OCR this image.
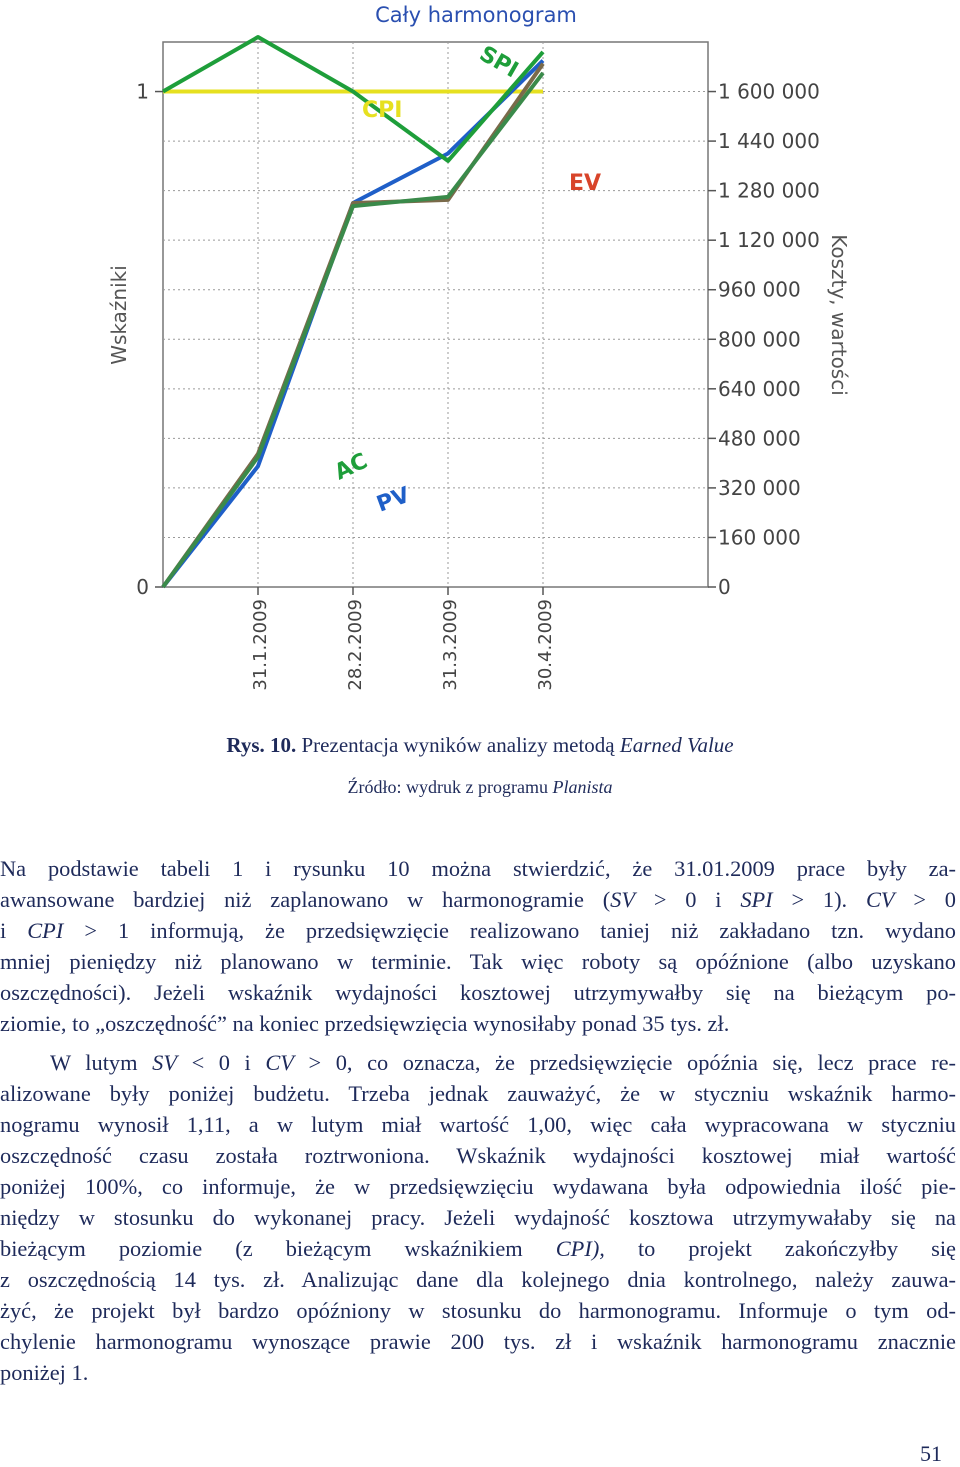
31.1.2009	28.2.2009	31.3.2009	30.4.2009
0
160 000
320 000
480 000
640 000
800 000
960 000
1 120 000
1 280 000
1 440 000
1 600 000
0
1
CPI
SPI
PV
AC
EV
Cały harmonogram
Wskaźniki	Koszty, wartości
Rys. 10. Prezentacja wyników analizy metodą Earned Value
Źródło: wydruk z programu Planista
Na podstawie tabeli 1 i rysunku 10 można stwierdzić, że 31.01.2009 prace były za-
awansowane bardziej niż zaplanowano w harmonogramie (SV > 0 i SPI > 1). CV > 0
i CPI > 1 informują, że przedsięwzięcie realizowano taniej niż zakładano tzn. wydano
mniej pieniędzy niż planowano w terminie. Tak więc roboty są opóźnione (albo uzyskano
oszczędności). Jeżeli wskaźnik wydajności kosztowej utrzymywałby się na bieżącym po-
ziomie, to „oszczędność” na koniec przedsięwzięcia wynosiłaby ponad 35 tys. zł.
W lutym SV < 0 i CV > 0, co oznacza, że przedsięwzięcie opóźnia się, lecz prace re-
alizowane były poniżej budżetu. Trzeba jednak zauważyć, że w styczniu wskaźnik harmo-
nogramu wynosił 1,11, a w lutym miał wartość 1,00, więc cała wypracowana w styczniu
oszczędność czasu została roztrwoniona. Wskaźnik wydajności kosztowej miał wartość
poniżej 100%, co informuje, że w przedsięwzięciu wydawana była odpowiednia ilość pie-
niędzy w stosunku do wykonanej pracy. Jeżeli wydajność kosztowa utrzymywałaby się na
bieżącym poziomie (z bieżącym wskaźnikiem CPI), to projekt zakończyłby się
z oszczędnością 14 tys. zł. Analizując dane dla kolejnego dnia kontrolnego, należy zauwa-
żyć, że projekt był bardzo opóźniony w stosunku do harmonogramu. Informuje o tym od-
chylenie harmonogramu wynoszące prawie 200 tys. zł i wskaźnik harmonogramu znacznie
poniżej 1.
51
